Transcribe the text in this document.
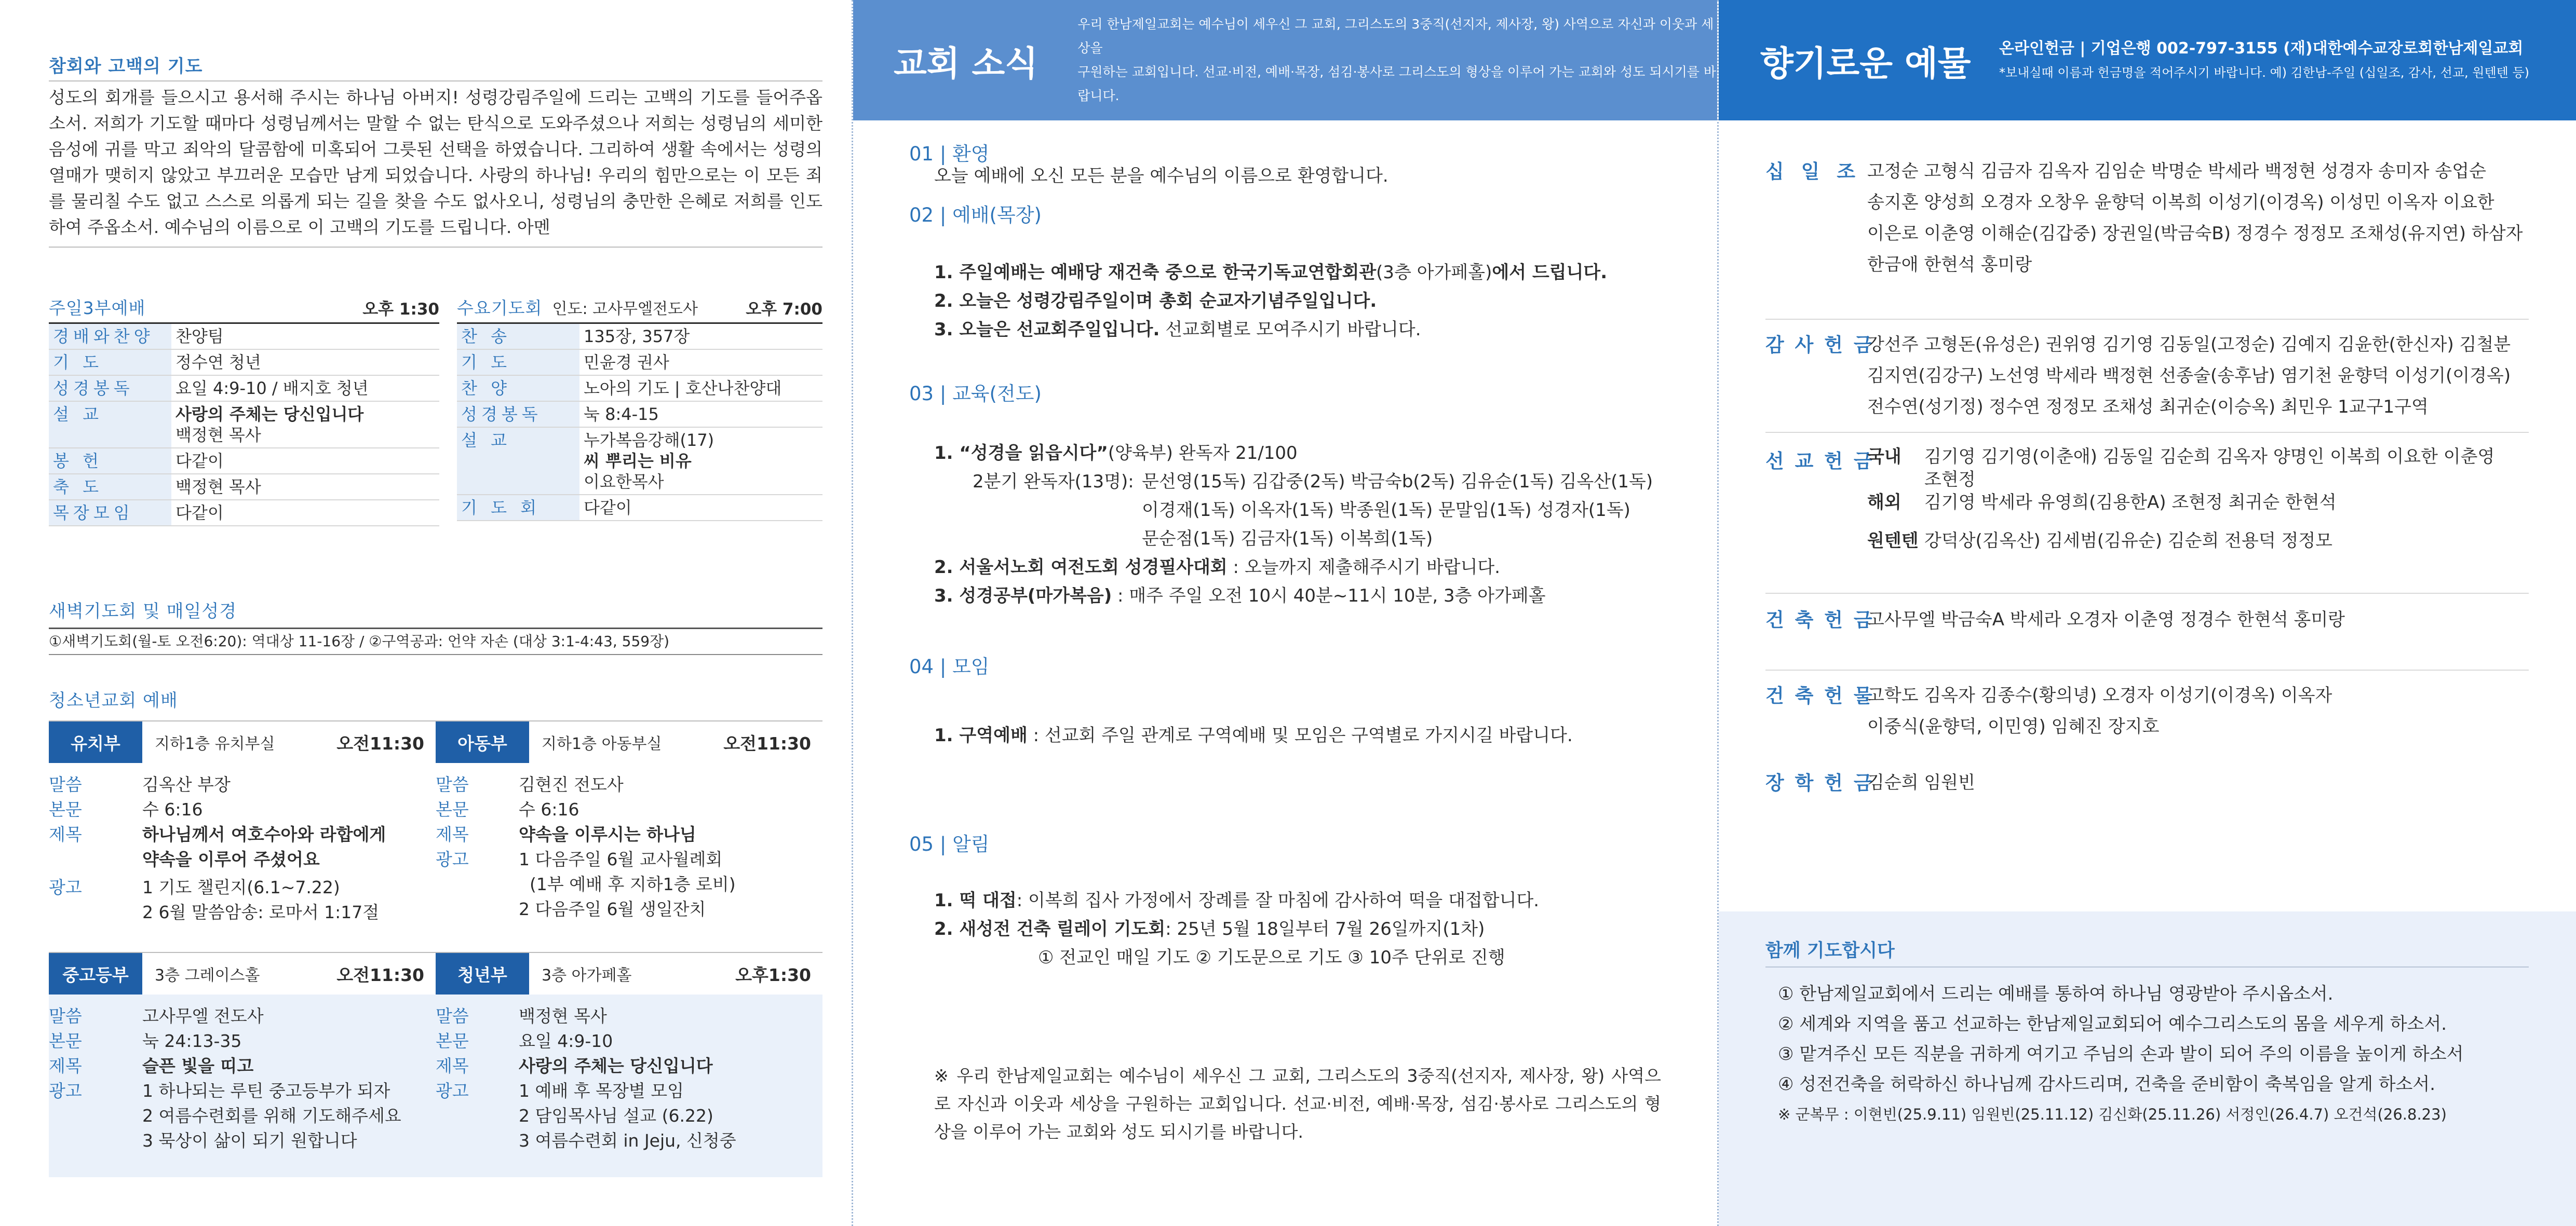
참회와 고백의 기도
성도의 회개를 들으시고 용서해 주시는 하나님 아버지! 성령강림주일에 드리는 고백의 기도를 들어주옵소서. 저희가 기도할 때마다 성령님께서는 말할 수 없는 탄식으로 도와주셨으나 저희는 성령님의 세미한 음성에 귀를 막고 죄악의 달콤함에 미혹되어 그릇된 선택을 하였습니다. 그리하여 생활 속에서는 성령의 열매가 맺히지 않았고 부끄러운 모습만 남게 되었습니다. 사랑의 하나님! 우리의 힘만으로는 이 모든 죄를 물리칠 수도 없고 스스로 의롭게 되는 길을 찾을 수도 없사오니, 성령님의 충만한 은혜로 저희를 인도하여 주옵소서. 예수님의 이름으로 이 고백의 기도를 드립니다. 아멘
주일3부예배	오후 1:30
경배와찬양	찬양팀
기 도	정수연 청년
성경봉독	요일 4:9-10 / 배지호 청년
설 교	사랑의 주체는 당신입니다
백정현 목사

봉 헌	다같이
축 도	백정현 목사
목장모임	다같이
수요기도회 인도: 고사무엘전도사	오후 7:00
찬 송	135장, 357장
기 도	민윤경 권사
찬 양	노아의 기도 | 호산나찬양대
성경봉독	눅 8:4-15
설 교	누가복음강해(17)
씨 뿌리는 비유
이요한목사

기 도 회	다같이
새벽기도회 및 매일성경
①새벽기도회(월-토 오전6:20): 역대상 11-16장 / ②구역공과: 언약 자손 (대상 3:1-4:43, 559장)
청소년교회 예배
유치부	지하1층 유치부실	오전11:30
말씀	김옥산 부장
본문	수 6:16
제목	하나님께서 여호수아와 라합에게
약속을 이루어 주셨어요
광고	1 기도 챌린지(6.1~7.22)
2 6월 말씀암송: 로마서 1:17절
아동부	지하1층 아동부실	오전11:30
말씀	김현진 전도사
본문	수 6:16
제목	약속을 이루시는 하나님
광고	1 다음주일 6월 교사월례회
(1부 예배 후 지하1층 로비)
2 다음주일 6월 생일잔치
중고등부	3층 그레이스홀	오전11:30
말씀	고사무엘 전도사
본문	눅 24:13-35
제목	슬픈 빛을 띠고
광고	1 하나되는 루틴 중고등부가 되자
2 여름수련회를 위해 기도해주세요
3 묵상이 삶이 되기 원합니다
청년부	3층 아가페홀	오후1:30
말씀	백정현 목사
본문	요일 4:9-10
제목	사랑의 주체는 당신입니다
광고	1 예배 후 목장별 모임
2 담임목사님 설교 (6.22)
3 여름수련회 in Jeju, 신청중
교회 소식
우리 한남제일교회는 예수님이 세우신 그 교회, 그리스도의 3중직(선지자, 제사장, 왕) 사역으로 자신과 이웃과 세상을
구원하는 교회입니다. 선교·비전, 예배·목장, 섬김·봉사로 그리스도의 형상을 이루어 가는 교회와 성도 되시기를 바랍니다.
01 | 환영
오늘 예배에 오신 모든 분을 예수님의 이름으로 환영합니다.
02 | 예배(목장)
1. 주일예배는 예배당 재건축 중으로 한국기독교연합회관(3층 아가페홀)에서 드립니다.
2. 오늘은 성령강림주일이며 총회 순교자기념주일입니다.
3. 오늘은 선교회주일입니다. 선교회별로 모여주시기 바랍니다.
03 | 교육(전도)
1. “성경을 읽읍시다”(양육부) 완독자 21/100
2분기 완독자(13명): 문선영(15독) 김갑중(2독) 박금숙b(2독) 김유순(1독) 김옥산(1독)
이경재(1독) 이옥자(1독) 박종원(1독) 문말임(1독) 성경자(1독)
문순점(1독) 김금자(1독) 이복희(1독)
2. 서울서노회 여전도회 성경필사대회 : 오늘까지 제출해주시기 바랍니다.
3. 성경공부(마가복음) : 매주 주일 오전 10시 40분~11시 10분, 3층 아가페홀
04 | 모임
1. 구역예배 : 선교회 주일 관계로 구역예배 및 모임은 구역별로 가지시길 바랍니다.
05 | 알림
1. 떡 대접: 이복희 집사 가정에서 장례를 잘 마침에 감사하여 떡을 대접합니다.
2. 새성전 건축 릴레이 기도회: 25년 5월 18일부터 7월 26일까지(1차)
① 전교인 매일 기도 ② 기도문으로 기도 ③ 10주 단위로 진행
※ 우리 한남제일교회는 예수님이 세우신 그 교회, 그리스도의 3중직(선지자, 제사장, 왕) 사역으로 자신과 이웃과 세상을 구원하는 교회입니다. 선교·비전, 예배·목장, 섬김·봉사로 그리스도의 형상을 이루어 가는 교회와 성도 되시기를 바랍니다.
향기로운 예물	온라인헌금 | 기업은행 002-797-3155 (재)대한예수교장로회한남제일교회
*보내실때 이름과 헌금명을 적어주시기 바랍니다. 예) 김한남-주일 (십일조, 감사, 선교, 원텐텐 등)
십 일 조 고정순 고형식 김금자 김옥자 김임순 박명순 박세라 백정현 성경자 송미자 송업순
송지혼 양성희 오경자 오창우 윤향덕 이복희 이성기(이경옥) 이성민 이옥자 이요한
이은로 이춘영 이해순(김갑중) 장권일(박금숙B) 정경수 정정모 조채성(유지연) 하삼자
한금애 한현석 홍미랑
감 사 헌 금
강선주 고형돈(유성은) 권위영 김기영 김동일(고정순) 김예지 김윤한(한신자) 김철분
김지연(김강구) 노선영 박세라 백정현 선종술(송후남) 염기천 윤향덕 이성기(이경옥)
전수연(성기정) 정수연 정정모 조채성 최귀순(이승옥) 최민우 1교구1구역
선 교 헌 금
국내	김기영 김기영(이춘애) 김동일 김순희 김옥자 양명인 이복희 이요한 이춘영
조현정
해외	김기영 박세라 유영희(김용한A) 조현정 최귀순 한현석
원텐텐 강덕상(김옥산) 김세범(김유순) 김순희 전용덕 정정모
건 축 헌 금
고사무엘 박금숙A 박세라 오경자 이춘영 정경수 한현석 홍미랑
건 축 헌 물
고학도 김옥자 김종수(황의녕) 오경자 이성기(이경옥) 이옥자
이중식(윤향덕, 이민영) 임혜진 장지호
장 학 헌 금
김순희 임원빈
함께 기도합시다
① 한남제일교회에서 드리는 예배를 통하여 하나님 영광받아 주시옵소서.
② 세계와 지역을 품고 선교하는 한남제일교회되어 예수그리스도의 몸을 세우게 하소서.
③ 맡겨주신 모든 직분을 귀하게 여기고 주님의 손과 발이 되어 주의 이름을 높이게 하소서
④ 성전건축을 허락하신 하나님께 감사드리며, 건축을 준비함이 축복임을 알게 하소서.
※ 군복무 : 이현빈(25.9.11) 임원빈(25.11.12) 김신화(25.11.26) 서정인(26.4.7) 오건석(26.8.23)
